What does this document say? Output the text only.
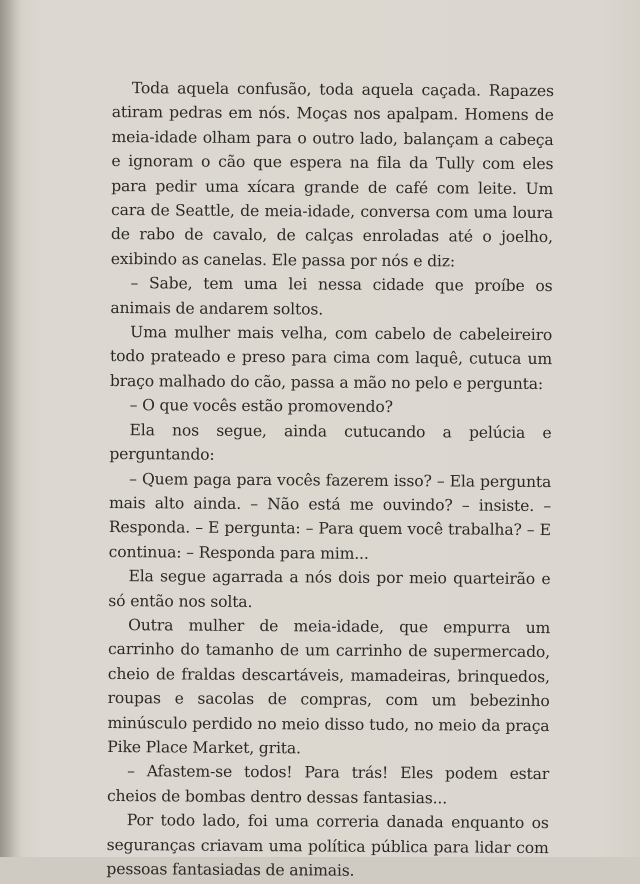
Toda aquela confusão, toda aquela caçada. Rapazes atiram pedras em nós. Moças nos apalpam. Homens de meia-idade olham para o outro lado, balançam a cabeça e ignoram o cão que espera na fila da Tully com eles para pedir uma xícara grande de café com leite. Um cara de Seattle, de meia-idade, conversa com uma loura de rabo de cavalo, de calças enroladas até o joelho, exibindo as canelas. Ele passa por nós e diz:

– Sabe, tem uma lei nessa cidade que proíbe os animais de andarem soltos.

Uma mulher mais velha, com cabelo de cabeleireiro todo prateado e preso para cima com laquê, cutuca um braço malhado do cão, passa a mão no pelo e pergunta:

– O que vocês estão promovendo?

Ela nos segue, ainda cutucando a pelúcia e perguntando:

– Quem paga para vocês fazerem isso? – Ela pergunta mais alto ainda. – Não está me ouvindo? – insiste. – Responda. – E pergunta: – Para quem você trabalha? – E continua: – Responda para mim...

Ela segue agarrada a nós dois por meio quarteirão e só então nos solta.

Outra mulher de meia-idade, que empurra um carrinho do tamanho de um carrinho de supermercado, cheio de fraldas descartáveis, mamadeiras, brinquedos, roupas e sacolas de compras, com um bebezinho minúsculo perdido no meio disso tudo, no meio da praça Pike Place Market, grita.

– Afastem-se todos! Para trás! Eles podem estar cheios de bombas dentro dessas fantasias...

Por todo lado, foi uma correria danada enquanto os seguranças criavam uma política pública para lidar com pessoas fantasiadas de animais.
